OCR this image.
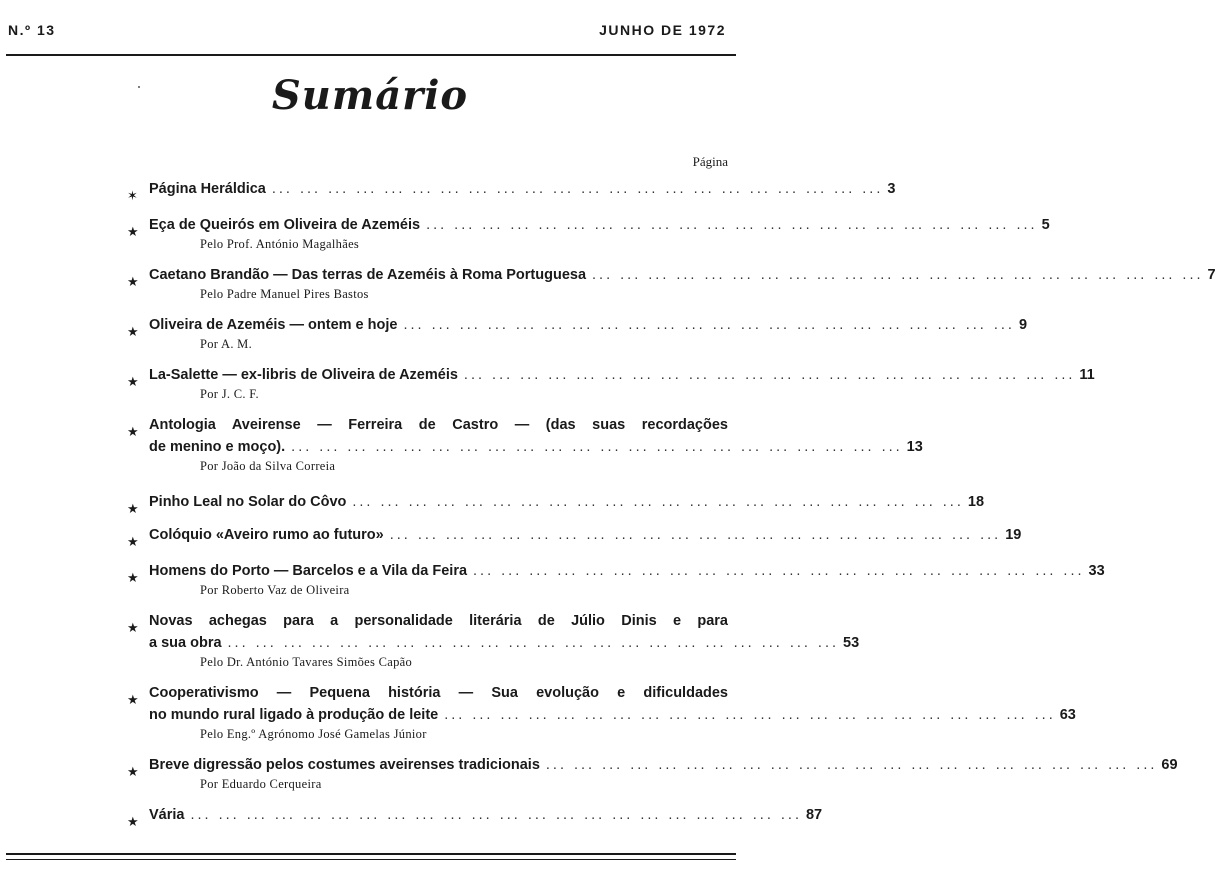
N.º 13	JUNHO DE 1972
Sumário
Página
✶ Página Heráldica ... ... ... ... ... ... ... ... ... ... ... ... ... ... ... ... ... ... ... ... ... ... 3
★ Eça de Queirós em Oliveira de Azeméis ... ... ... ... ... ... ... ... ... ... ... ... ... ... ... ... ... ... ... ... ... ... 5
Pelo Prof. António Magalhães
★ Caetano Brandão — Das terras de Azeméis à Roma Portuguesa ... ... ... ... ... ... ... ... ... ... ... ... ... ... ... ... ... ... ... ... ... ... 7
Pelo Padre Manuel Pires Bastos
★ Oliveira de Azeméis — ontem e hoje ... ... ... ... ... ... ... ... ... ... ... ... ... ... ... ... ... ... ... ... ... ... 9
Por A. M.
★ La-Salette — ex-libris de Oliveira de Azeméis ... ... ... ... ... ... ... ... ... ... ... ... ... ... ... ... ... ... ... ... ... ... 11
Por J. C. F.
★ Antologia Aveirense — Ferreira de Castro — (das suas recordações
de menino e moço). ... ... ... ... ... ... ... ... ... ... ... ... ... ... ... ... ... ... ... ... ... ... 13
Por João da Silva Correia
★ Pinho Leal no Solar do Côvo ... ... ... ... ... ... ... ... ... ... ... ... ... ... ... ... ... ... ... ... ... ... 18
★ Colóquio «Aveiro rumo ao futuro» ... ... ... ... ... ... ... ... ... ... ... ... ... ... ... ... ... ... ... ... ... ... 19
★ Homens do Porto — Barcelos e a Vila da Feira ... ... ... ... ... ... ... ... ... ... ... ... ... ... ... ... ... ... ... ... ... ... 33
Por Roberto Vaz de Oliveira
★ Novas achegas para a personalidade literária de Júlio Dinis e para
a sua obra ... ... ... ... ... ... ... ... ... ... ... ... ... ... ... ... ... ... ... ... ... ... 53
Pelo Dr. António Tavares Simões Capão
★ Cooperativismo — Pequena história — Sua evolução e dificuldades
no mundo rural ligado à produção de leite ... ... ... ... ... ... ... ... ... ... ... ... ... ... ... ... ... ... ... ... ... ... 63
Pelo Eng.º Agrónomo José Gamelas Júnior
★ Breve digressão pelos costumes aveirenses tradicionais ... ... ... ... ... ... ... ... ... ... ... ... ... ... ... ... ... ... ... ... ... ... 69
Por Eduardo Cerqueira
★ Vária ... ... ... ... ... ... ... ... ... ... ... ... ... ... ... ... ... ... ... ... ... ... 87
